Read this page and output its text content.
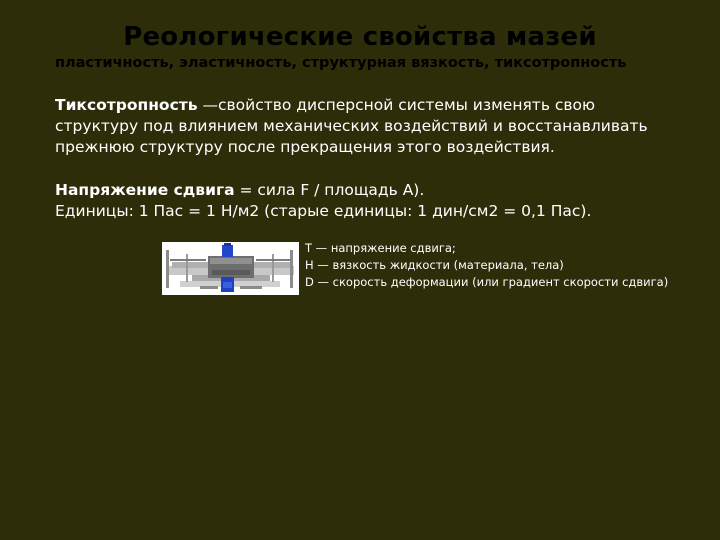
Реологические свойства мазей
пластичность, эластичность, структурная вязкость, тиксотропность
Тиксотропность —свойство дисперсной системы изменять свою
структуру под влиянием механических воздействий и восстанавливать
прежнюю структуру после прекращения этого воздействия.
Напряжение сдвига = сила F / площадь A).
Единицы: 1 Пас = 1 Н/м2 (старые единицы: 1 дин/см2 = 0,1 Пас).
Т — напряжение сдвига;
Н — вязкость жидкости (материала, тела)
D — скорость деформации (или градиент скорости сдвига)
